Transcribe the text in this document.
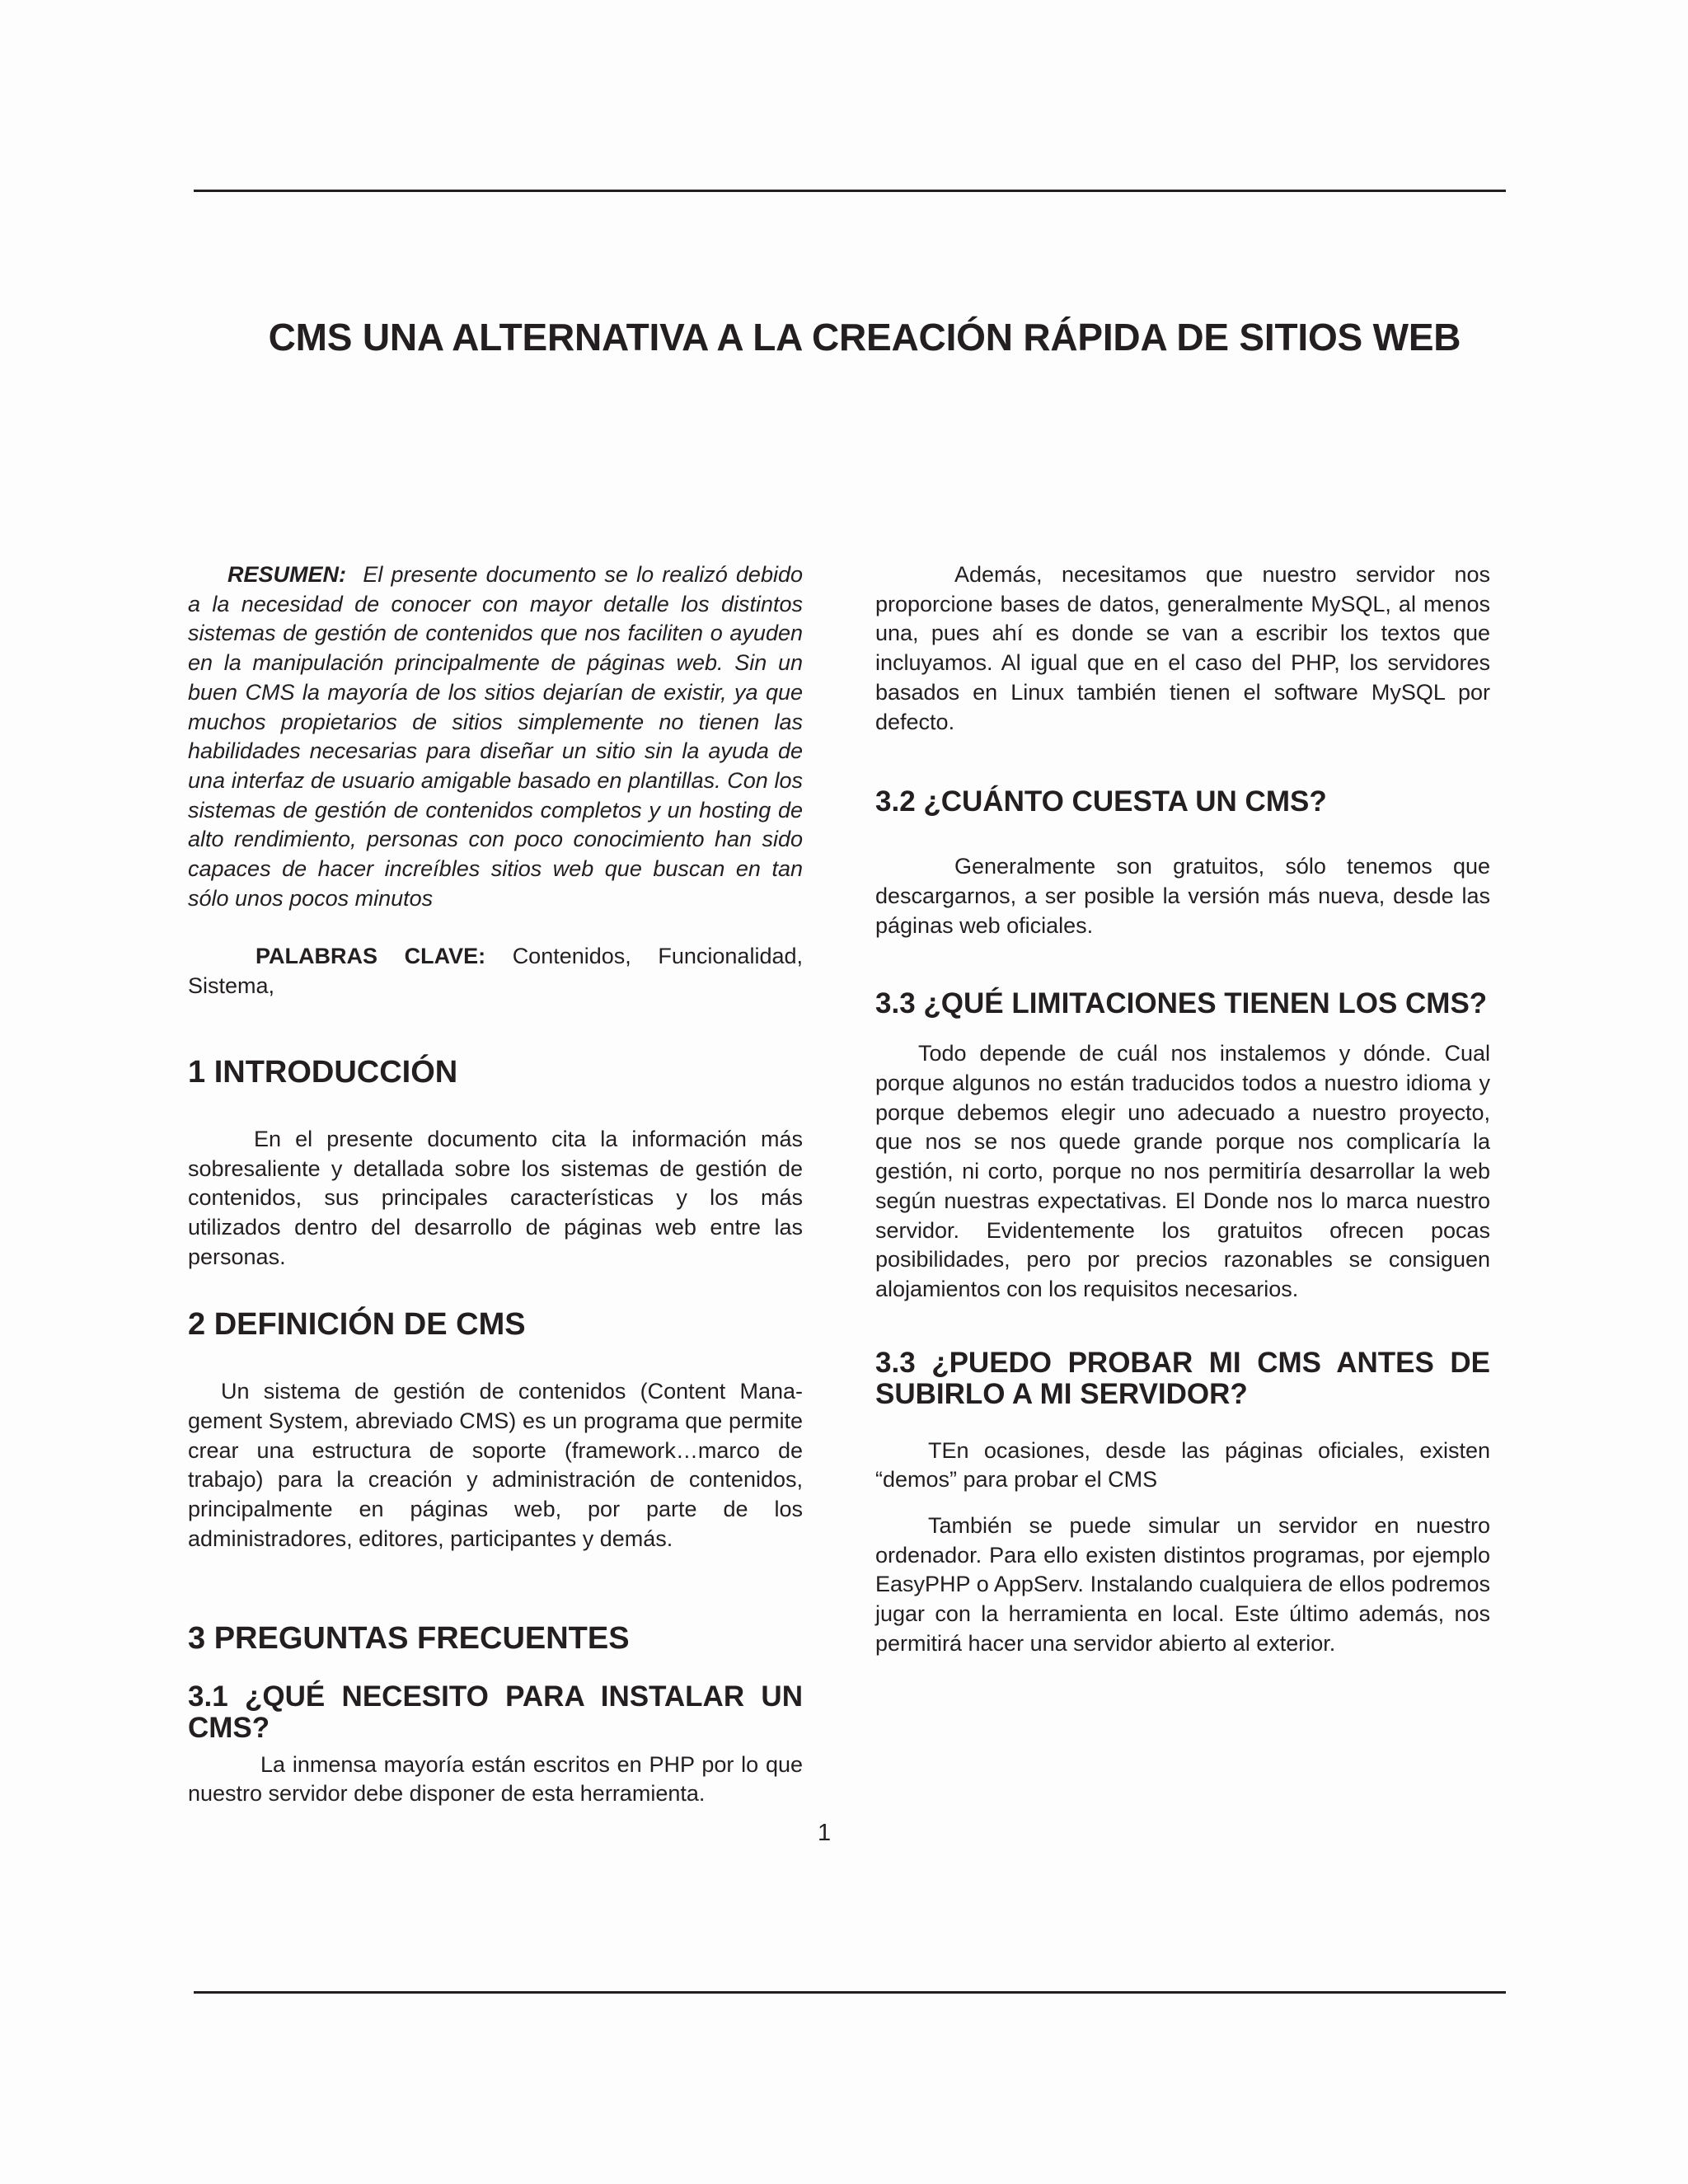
CMS UNA ALTERNATIVA A LA CREACIÓN RÁPIDA DE SITIOS WEB

RESUMEN: El presente documento se lo realizó debido a la necesidad de conocer con mayor detalle los distintos sistemas de gestión de contenidos que nos faciliten o ayuden en la manipulación principalmente de páginas web. Sin un buen CMS la mayoría de los sitios dejarían de existir, ya que muchos propietarios de sitios simplemente no tienen las habilidades necesarias para diseñar un sitio sin la ayuda de una interfaz de usuario amigable basado en plantillas. Con los sistemas de gestión de contenidos completos y un hosting de alto rendimiento, personas con poco conocimiento han sido capaces de hacer increíbles sitios web que buscan en tan sólo unos pocos minutos

PALABRAS CLAVE: Contenidos, Funcionalidad, Sistema,

1 INTRODUCCIÓN

En el presente documento cita la información más sobresaliente y detallada sobre los sistemas de gestión de contenidos, sus principales características y los más utilizados dentro del desarrollo de páginas web entre las personas.

2 DEFINICIÓN DE CMS

Un sistema de gestión de contenidos (Content Management System, abreviado CMS) es un programa que permite crear una estructura de soporte (framework…marco de trabajo) para la creación y administración de contenidos, principalmente en páginas web, por parte de los administradores, editores, participantes y demás.

3 PREGUNTAS FRECUENTES
3.1 ¿QUÉ NECESITO PARA INSTALAR UN CMS?

La inmensa mayoría están escritos en PHP por lo que nuestro servidor debe disponer de esta herramienta.

1

Además, necesitamos que nuestro servidor nos proporcione bases de datos, generalmente MySQL, al menos una, pues ahí es donde se van a escribir los textos que incluyamos. Al igual que en el caso del PHP, los servidores basados en Linux también tienen el software MySQL por defecto.

3.2 ¿CUÁNTO CUESTA UN CMS?

Generalmente son gratuitos, sólo tenemos que descargarnos, a ser posible la versión más nueva, desde las páginas web oficiales.

3.3 ¿QUÉ LIMITACIONES TIENEN LOS CMS?

Todo depende de cuál nos instalemos y dónde. Cual porque algunos no están traducidos todos a nuestro idioma y porque debemos elegir uno adecuado a nuestro proyecto, que nos se nos quede grande porque nos complicaría la gestión, ni corto, porque no nos permitiría desarrollar la web según nuestras expectativas. El Donde nos lo marca nuestro servidor. Evidentemente los gratuitos ofrecen pocas posibilidades, pero por precios razonables se consiguen alojamientos con los requisitos necesarios.

3.3 ¿PUEDO PROBAR MI CMS ANTES DE SUBIRLO A MI SERVIDOR?

TEn ocasiones, desde las páginas oficiales, existen “demos” para probar el CMS

También se puede simular un servidor en nuestro ordenador. Para ello existen distintos programas, por ejemplo EasyPHP o AppServ. Instalando cualquiera de ellos podremos jugar con la herramienta en local. Este último además, nos permitirá hacer una servidor abierto al exterior.
